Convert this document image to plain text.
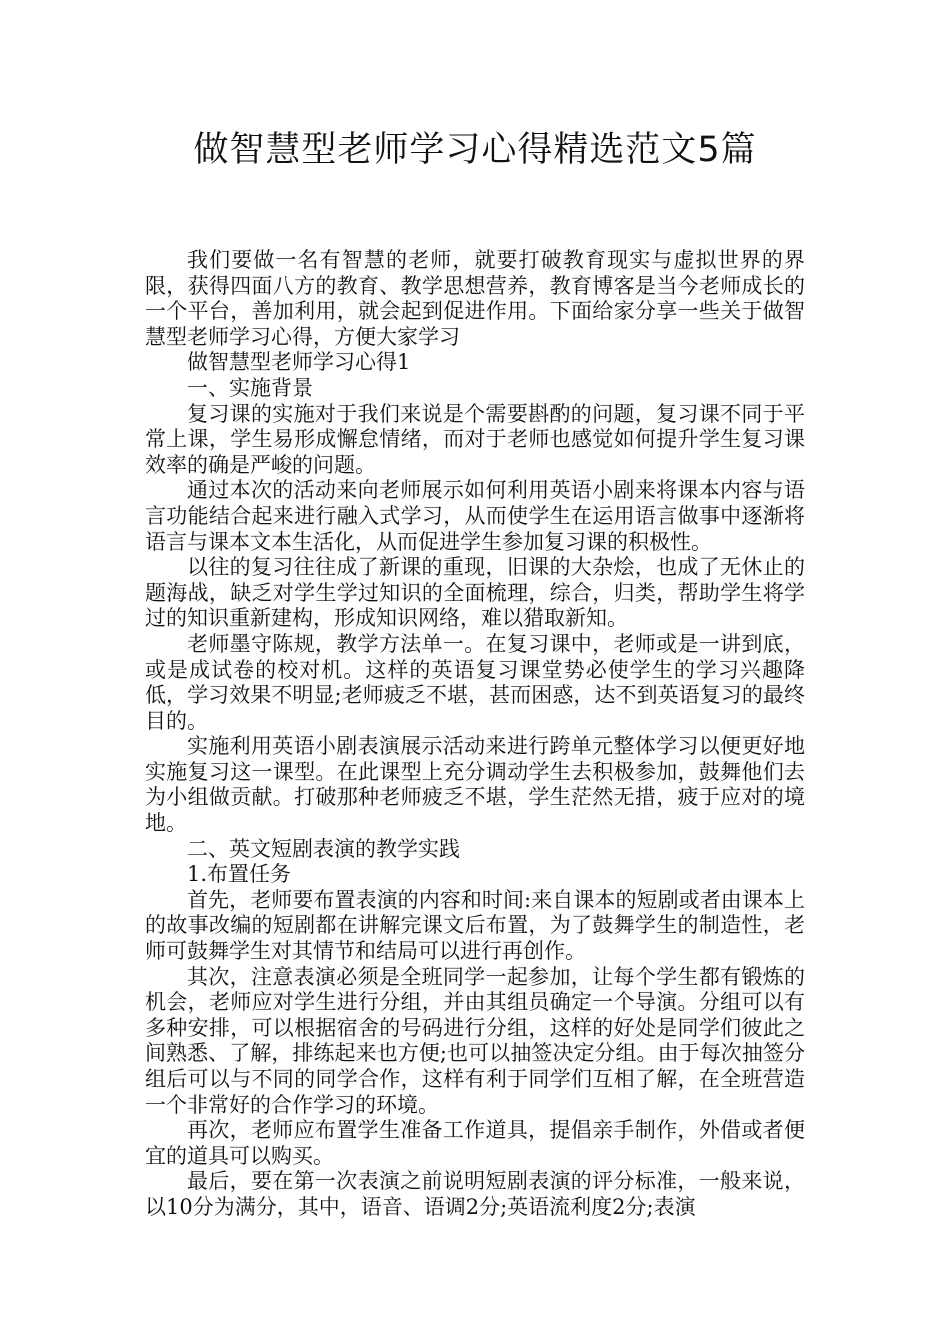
做智慧型老师学习心得精选范文5篇

我们要做一名有智慧的老师，就要打破教育现实与虚拟世界的界限，获得四面八方的教育、教学思想营养，教育博客是当今老师成长的一个平台，善加利用，就会起到促进作用。下面给家分享一些关于做智慧型老师学习心得，方便大家学习

做智慧型老师学习心得1

一、实施背景

复习课的实施对于我们来说是个需要斟酌的问题，复习课不同于平常上课，学生易形成懈怠情绪，而对于老师也感觉如何提升学生复习课效率的确是严峻的问题。

通过本次的活动来向老师展示如何利用英语小剧来将课本内容与语言功能结合起来进行融入式学习，从而使学生在运用语言做事中逐渐将语言与课本文本生活化，从而促进学生参加复习课的积极性。

以往的复习往往成了新课的重现，旧课的大杂烩，也成了无休止的题海战，缺乏对学生学过知识的全面梳理，综合，归类，帮助学生将学过的知识重新建构，形成知识网络，难以猎取新知。

老师墨守陈规，教学方法单一。在复习课中，老师或是一讲到底，或是成试卷的校对机。这样的英语复习课堂势必使学生的学习兴趣降低，学习效果不明显;老师疲乏不堪，甚而困惑，达不到英语复习的最终目的。

实施利用英语小剧表演展示活动来进行跨单元整体学习以便更好地实施复习这一课型。在此课型上充分调动学生去积极参加，鼓舞他们去为小组做贡献。打破那种老师疲乏不堪，学生茫然无措，疲于应对的境地。

二、英文短剧表演的教学实践

1.布置任务

首先，老师要布置表演的内容和时间:来自课本的短剧或者由课本上的故事改编的短剧都在讲解完课文后布置，为了鼓舞学生的制造性，老师可鼓舞学生对其情节和结局可以进行再创作。

其次，注意表演必须是全班同学一起参加，让每个学生都有锻炼的机会，老师应对学生进行分组，并由其组员确定一个导演。分组可以有多种安排，可以根据宿舍的号码进行分组，这样的好处是同学们彼此之间熟悉、了解，排练起来也方便;也可以抽签决定分组。由于每次抽签分组后可以与不同的同学合作，这样有利于同学们互相了解，在全班营造一个非常好的合作学习的环境。

再次，老师应布置学生准备工作道具，提倡亲手制作，外借或者便宜的道具可以购买。

最后，要在第一次表演之前说明短剧表演的评分标准，一般来说，以10分为满分，其中，语音、语调2分;英语流利度2分;表演
